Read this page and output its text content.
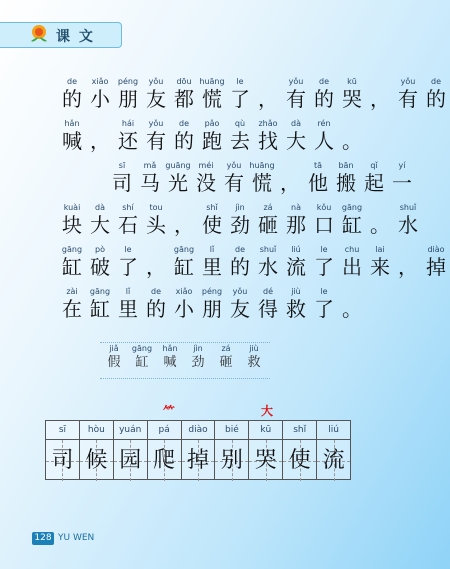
课 文
de
的
xiǎo
小
péng
朋
yǒu
友
dōu
都
huāng
慌
le
了 ，
yǒu
有
de
的
kū
哭 ，
yǒu
有
de
的
hǎn
喊 ，
hái
还
yǒu
有
de
的
pǎo
跑
qù
去
zhǎo
找
dà
大
rén
人 。
sī
司
mǎ
马
guāng
光
méi
没
yǒu
有
huāng
慌 ，
tā
他
bān
搬
qǐ
起
yí
一
kuài
块
dà
大
shí
石
tou
头 ，
shǐ
使
jìn
劲
zá
砸
nà
那
kǒu
口
gāng
缸 。
shuǐ
水
gāng
缸
pò
破
le
了 ，
gāng
缸
lǐ
里
de
的
shuǐ
水
liú
流
le
了
chu
出
lai
来 ，
diào
掉
zài
在
gāng
缸
lǐ
里
de
的
xiǎo
小
péng
朋
yǒu
友
dé
得
jiù
救
le
了 。
jiǎ
假
gāng
缸
hǎn
喊
jìn
劲
zá
砸
jiù
救
⺮	大
sī
司
hòu
候
yuán
园
pá
爬
diào
掉
bié
别
kū
哭
shǐ
使
liú
流
128 YU WEN
